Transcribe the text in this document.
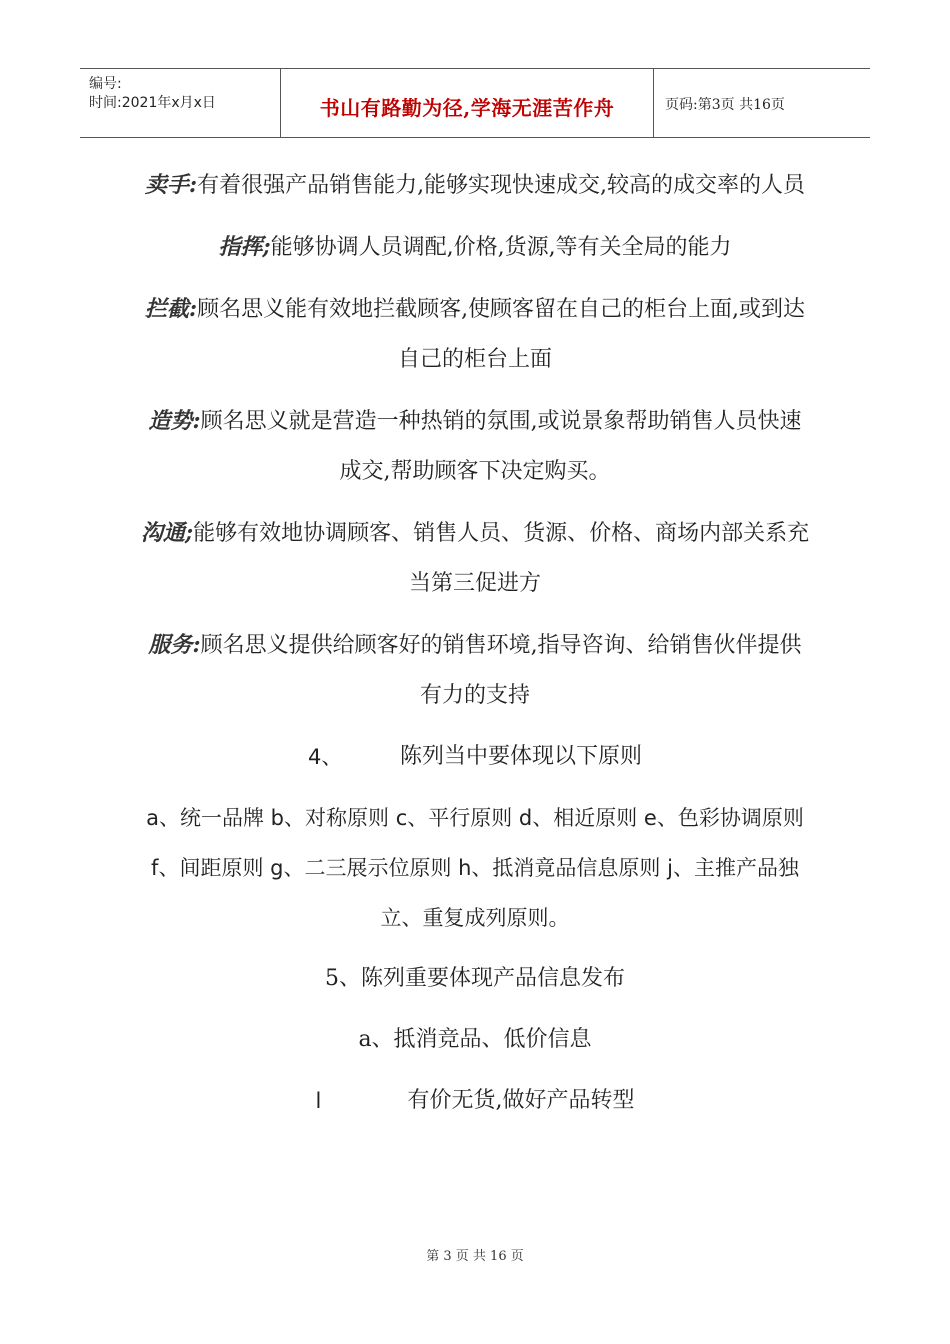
编号:
时间:2021年x月x日	书山有路勤为径,学海无涯苦作舟	页码:第3页 共16页

卖手:有着很强产品销售能力,能够实现快速成交,较高的成交率的人员

指挥;能够协调人员调配,价格,货源,等有关全局的能力

拦截:顾名思义能有效地拦截顾客,使顾客留在自己的柜台上面,或到达自己的柜台上面

造势:顾名思义就是营造一种热销的氛围,或说景象帮助销售人员快速成交,帮助顾客下决定购买。

沟通;能够有效地协调顾客、销售人员、货源、价格、商场内部关系充当第三促进方

服务:顾名思义提供给顾客好的销售环境,指导咨询、给销售伙伴提供有力的支持

4、	陈列当中要体现以下原则

a、统一品牌 b、对称原则 c、平行原则 d、相近原则 e、色彩协调原则 f、间距原则 g、二三展示位原则 h、抵消竟品信息原则 j、主推产品独立、重复成列原则。

5、陈列重要体现产品信息发布

a、抵消竞品、低价信息

l	有价无货,做好产品转型
第 3 页 共 16 页
